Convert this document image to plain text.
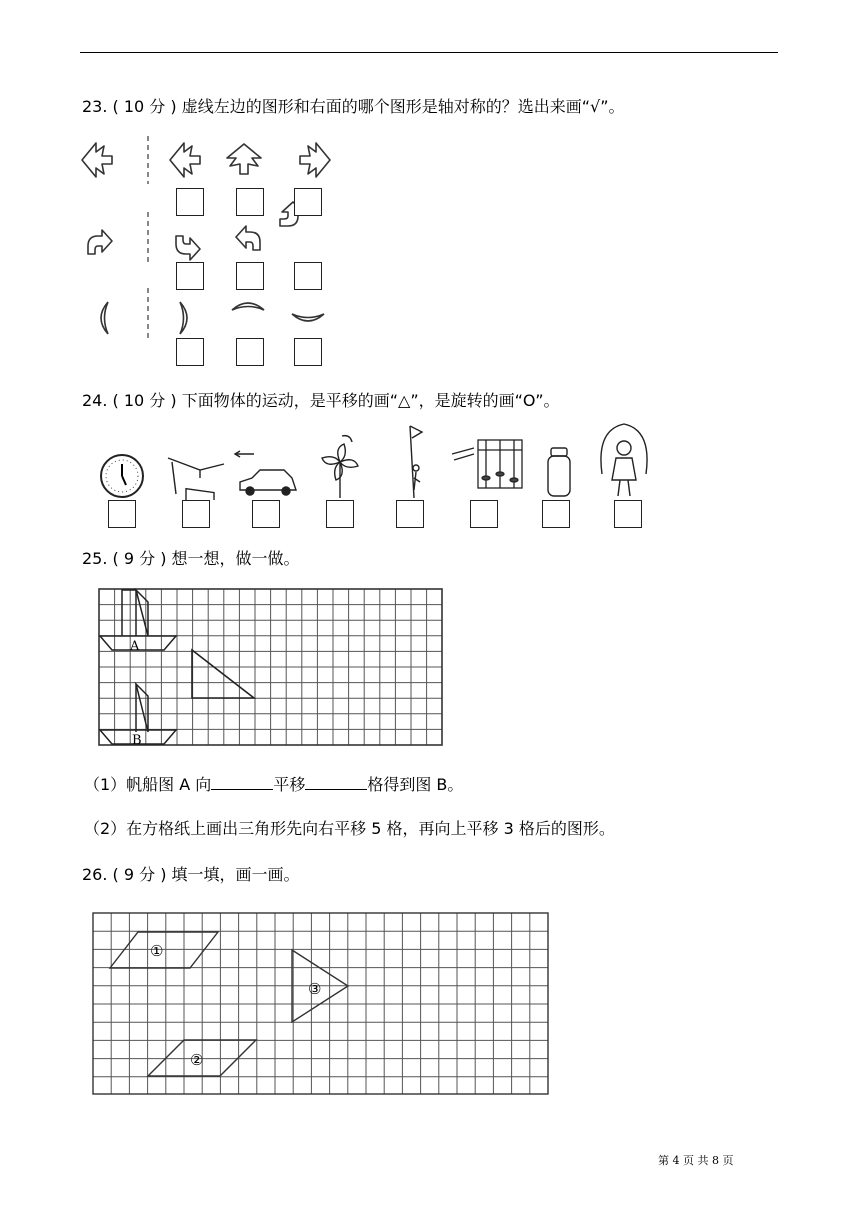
23. ( 10 分 ) 虚线左边的图形和右面的哪个图形是轴对称的？选出来画“√”。
24. ( 10 分 ) 下面物体的运动，是平移的画“△”，是旋转的画“O”。
25. ( 9 分 ) 想一想，做一做。
A
B
（1）帆船图 A 向	平移	格得到图 B。
（2）在方格纸上画出三角形先向右平移 5 格，再向上平移 3 格后的图形。
26. ( 9 分 ) 填一填，画一画。
①
③
②
第 4 页 共 8 页
